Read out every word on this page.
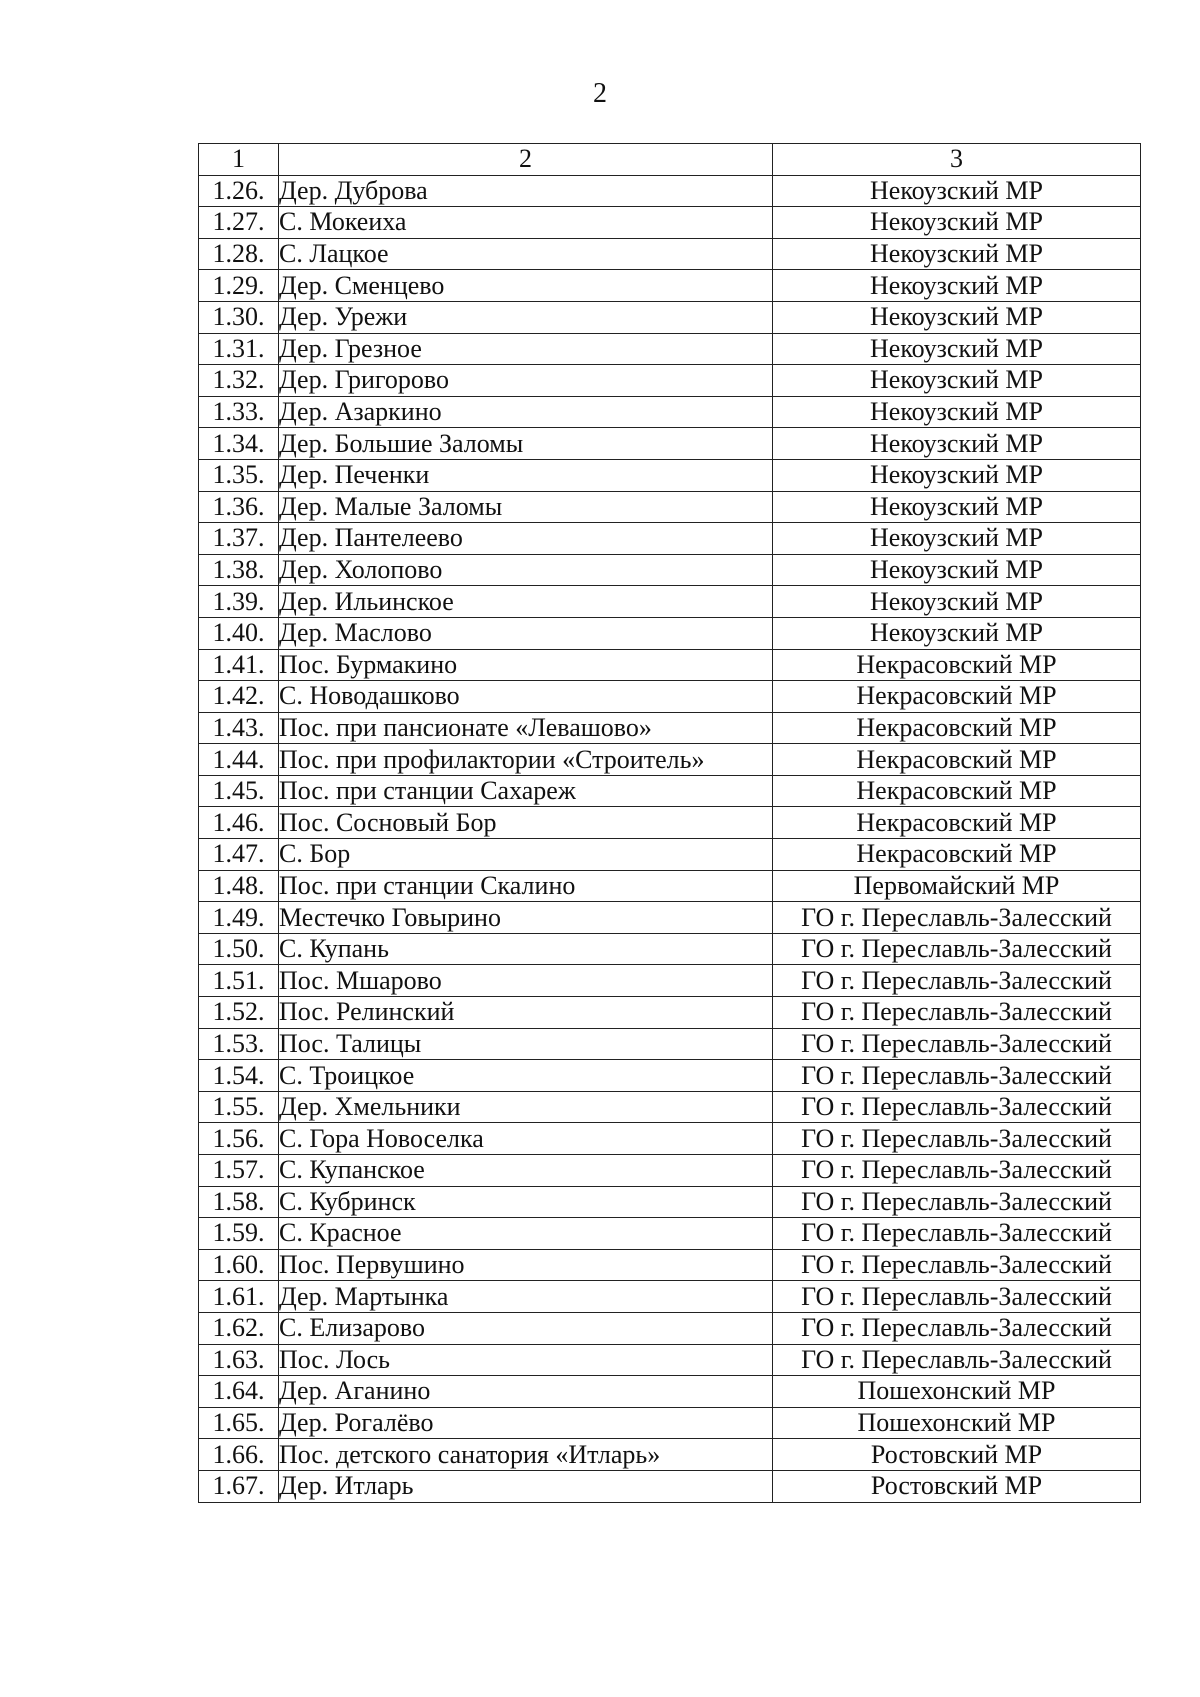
2
1	2	3
1.26.	Дер. Дуброва	Некоузский МР
1.27.	С. Мокеиха	Некоузский МР
1.28.	С. Лацкое	Некоузский МР
1.29.	Дер. Сменцево	Некоузский МР
1.30.	Дер. Урежи	Некоузский МР
1.31.	Дер. Грезное	Некоузский МР
1.32.	Дер. Григорово	Некоузский МР
1.33.	Дер. Азаркино	Некоузский МР
1.34.	Дер. Большие Заломы	Некоузский МР
1.35.	Дер. Печенки	Некоузский МР
1.36.	Дер. Малые Заломы	Некоузский МР
1.37.	Дер. Пантелеево	Некоузский МР
1.38.	Дер. Холопово	Некоузский МР
1.39.	Дер. Ильинское	Некоузский МР
1.40.	Дер. Маслово	Некоузский МР
1.41.	Пос. Бурмакино	Некрасовский МР
1.42.	С. Новодашково	Некрасовский МР
1.43.	Пос. при пансионате «Левашово»	Некрасовский МР
1.44.	Пос. при профилактории «Строитель»	Некрасовский МР
1.45.	Пос. при станции Сахареж	Некрасовский МР
1.46.	Пос. Сосновый Бор	Некрасовский МР
1.47.	С. Бор	Некрасовский МР
1.48.	Пос. при станции Скалино	Первомайский МР
1.49.	Местечко Говырино	ГО г. Переславль-Залесский
1.50.	С. Купань	ГО г. Переславль-Залесский
1.51.	Пос. Мшарово	ГО г. Переславль-Залесский
1.52.	Пос. Релинский	ГО г. Переславль-Залесский
1.53.	Пос. Талицы	ГО г. Переславль-Залесский
1.54.	С. Троицкое	ГО г. Переславль-Залесский
1.55.	Дер. Хмельники	ГО г. Переславль-Залесский
1.56.	С. Гора Новоселка	ГО г. Переславль-Залесский
1.57.	С. Купанское	ГО г. Переславль-Залесский
1.58.	С. Кубринск	ГО г. Переславль-Залесский
1.59.	С. Красное	ГО г. Переславль-Залесский
1.60.	Пос. Первушино	ГО г. Переславль-Залесский
1.61.	Дер. Мартынка	ГО г. Переславль-Залесский
1.62.	С. Елизарово	ГО г. Переславль-Залесский
1.63.	Пос. Лось	ГО г. Переславль-Залесский
1.64.	Дер. Аганино	Пошехонский МР
1.65.	Дер. Рогалёво	Пошехонский МР
1.66.	Пос. детского санатория «Итларь»	Ростовский МР
1.67.	Дер. Итларь	Ростовский МР
